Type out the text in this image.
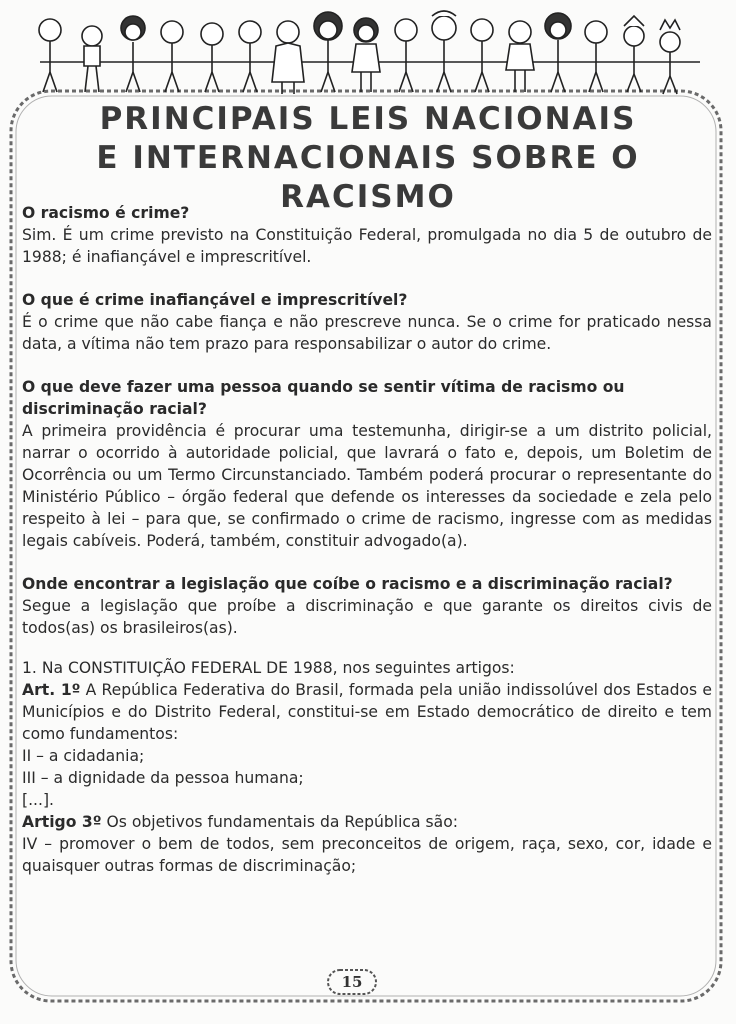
PRINCIPAIS LEIS NACIONAIS
E INTERNACIONAIS SOBRE O
RACISMO

O racismo é crime?

Sim. É um crime previsto na Constituição Federal, promulgada no dia 5 de outubro de 1988; é inafiançável e imprescritível.

O que é crime inafiançável e imprescritível?

É o crime que não cabe fiança e não prescreve nunca. Se o crime for praticado nessa data, a vítima não tem prazo para responsabilizar o autor do crime.

O que deve fazer uma pessoa quando se sentir vítima de racismo ou discriminação racial?

A primeira providência é procurar uma testemunha, dirigir-se a um distrito policial, narrar o ocorrido à autoridade policial, que lavrará o fato e, depois, um Boletim de Ocorrência ou um Termo Circunstanciado. Também poderá procurar o representante do Ministério Público – órgão federal que defende os interesses da sociedade e zela pelo respeito à lei – para que, se confirmado o crime de racismo, ingresse com as medidas legais cabíveis. Poderá, também, constituir advogado(a).

Onde encontrar a legislação que coíbe o racismo e a discriminação racial?

Segue a legislação que proíbe a discriminação e que garante os direitos civis de todos(as) os brasileiros(as).

1. Na CONSTITUIÇÃO FEDERAL DE 1988, nos seguintes artigos:

Art. 1º A República Federativa do Brasil, formada pela união indissolúvel dos Estados e Municípios e do Distrito Federal, constitui-se em Estado democrático de direito e tem como fundamentos:

II – a cidadania;

III – a dignidade da pessoa humana;

[...].

Artigo 3º Os objetivos fundamentais da República são:

IV – promover o bem de todos, sem preconceitos de origem, raça, sexo, cor, idade e quaisquer outras formas de discriminação;

15
